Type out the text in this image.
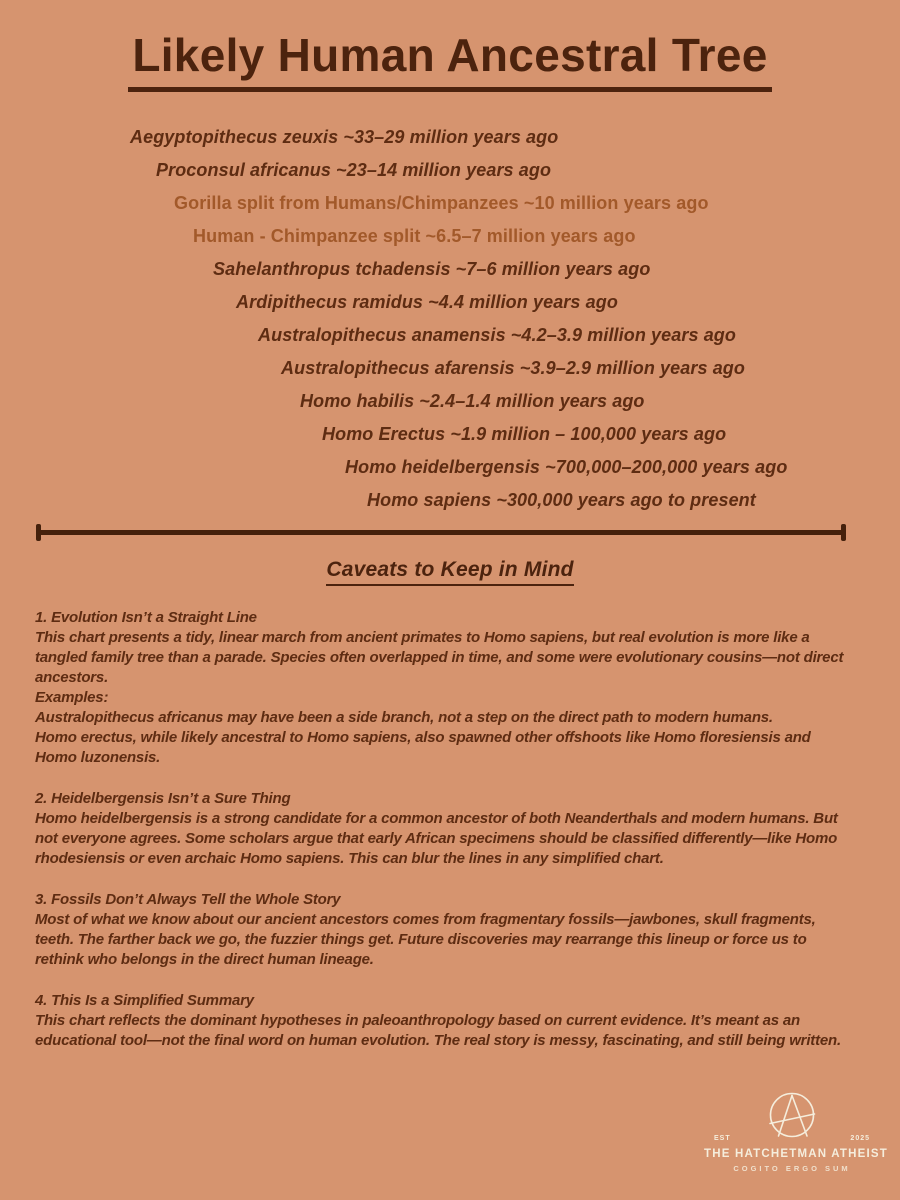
Likely Human Ancestral Tree
Aegyptopithecus zeuxis ~33–29 million years ago
Proconsul africanus ~23–14 million years ago
Gorilla split from Humans/Chimpanzees ~10 million years ago
Human - Chimpanzee split ~6.5–7 million years ago
Sahelanthropus tchadensis ~7–6 million years ago
Ardipithecus ramidus ~4.4 million years ago
Australopithecus anamensis ~4.2–3.9 million years ago
Australopithecus afarensis ~3.9–2.9 million years ago
Homo habilis ~2.4–1.4 million years ago
Homo Erectus ~1.9 million – 100,000 years ago
Homo heidelbergensis ~700,000–200,000 years ago
Homo sapiens ~300,000 years ago to present
Caveats to Keep in Mind

1. Evolution Isn’t a Straight Line

This chart presents a tidy, linear march from ancient primates to Homo sapiens, but real evolution is more like a tangled family tree than a parade. Species often overlapped in time, and some were evolutionary cousins—not direct ancestors.

Examples:

Australopithecus africanus may have been a side branch, not a step on the direct path to modern humans.

Homo erectus, while likely ancestral to Homo sapiens, also spawned other offshoots like Homo floresiensis and Homo luzonensis.

2. Heidelbergensis Isn’t a Sure Thing

Homo heidelbergensis is a strong candidate for a common ancestor of both Neanderthals and modern humans. But not everyone agrees. Some scholars argue that early African specimens should be classified differently—like Homo rhodesiensis or even archaic Homo sapiens. This can blur the lines in any simplified chart.

3. Fossils Don’t Always Tell the Whole Story

Most of what we know about our ancient ancestors comes from fragmentary fossils—jawbones, skull fragments, teeth. The farther back we go, the fuzzier things get. Future discoveries may rearrange this lineup or force us to rethink who belongs in the direct human lineage.

4. This Is a Simplified Summary

This chart reflects the dominant hypotheses in paleoanthropology based on current evidence. It’s meant as an educational tool—not the final word on human evolution. The real story is messy, fascinating, and still being written.

EST	2025
THE HATCHETMAN ATHEIST
COGITO ERGO SUM
